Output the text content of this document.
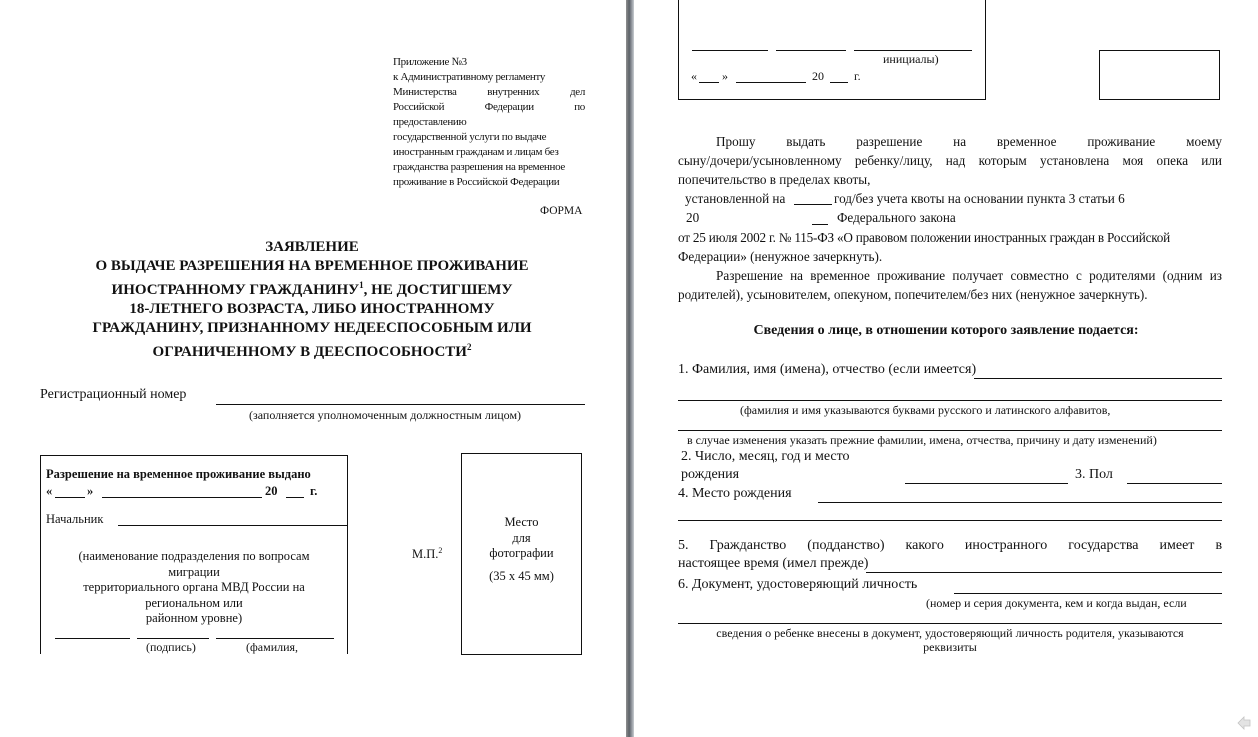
Приложение №3
к Административному регламенту
Министерства	внутренних	дел
Российской	Федерации	по
предоставлению
государственной услуги по выдаче
иностранным гражданам и лицам без
гражданства разрешения на временное
проживание в Российской Федерации
ФОРМА
ЗАЯВЛЕНИЕ
О ВЫДАЧЕ РАЗРЕШЕНИЯ НА ВРЕМЕННОЕ ПРОЖИВАНИЕ
ИНОСТРАННОМУ ГРАЖДАНИНУ$^1$, НЕ ДОСТИГШЕМУ
18-ЛЕТНЕГО ВОЗРАСТА, ЛИБО ИНОСТРАННОМУ
ГРАЖДАНИНУ, ПРИЗНАННОМУ НЕДЕЕСПОСОБНЫМ ИЛИ
ОГРАНИЧЕННОМУ В ДЕЕСПОСОБНОСТИ$^2$
Регистрационный номер
(заполняется уполномоченным должностным лицом)
Разрешение на временное проживание выдано
«	»	20	г.
Начальник
(наименование подразделения по вопросам
миграции
территориального органа МВД России на
региональном или
районном уровне)
(подпись)	(фамилия,
М.П.$^2$
Место
для
фотографии
(35 х 45 мм)
инициалы)
« »	20	г.
Прошу выдать разрешение на временное проживание моему
сыну/дочери/усыновленному ребенку/лицу, над которым установлена моя опека или
попечительство в пределах квоты,
установленной на	год/без учета квоты на основании пункта 3 статьи 6
20	Федерального закона
от 25 июля 2002 г. № 115-ФЗ «О правовом положении иностранных граждан в Российской
Федерации» (ненужное зачеркнуть).
Разрешение на временное проживание получает совместно с родителями (одним из
родителей), усыновителем, опекуном, попечителем/без них (ненужное зачеркнуть).
Сведения о лице, в отношении которого заявление подается:
1. Фамилия, имя (имена), отчество (если имеется)
(фамилия и имя указываются буквами русского и латинского алфавитов,
в случае изменения указать прежние фамилии, имена, отчества, причину и дату изменений)
2. Число, месяц, год и место
рождения	3. Пол
4. Место рождения
5. Гражданство (подданство) какого иностранного государства имеет в
настоящее время (имел прежде)
6. Документ, удостоверяющий личность
(номер и серия документа, кем и когда выдан, если
сведения о ребенке внесены в документ, удостоверяющий личность родителя, указываются
реквизиты
